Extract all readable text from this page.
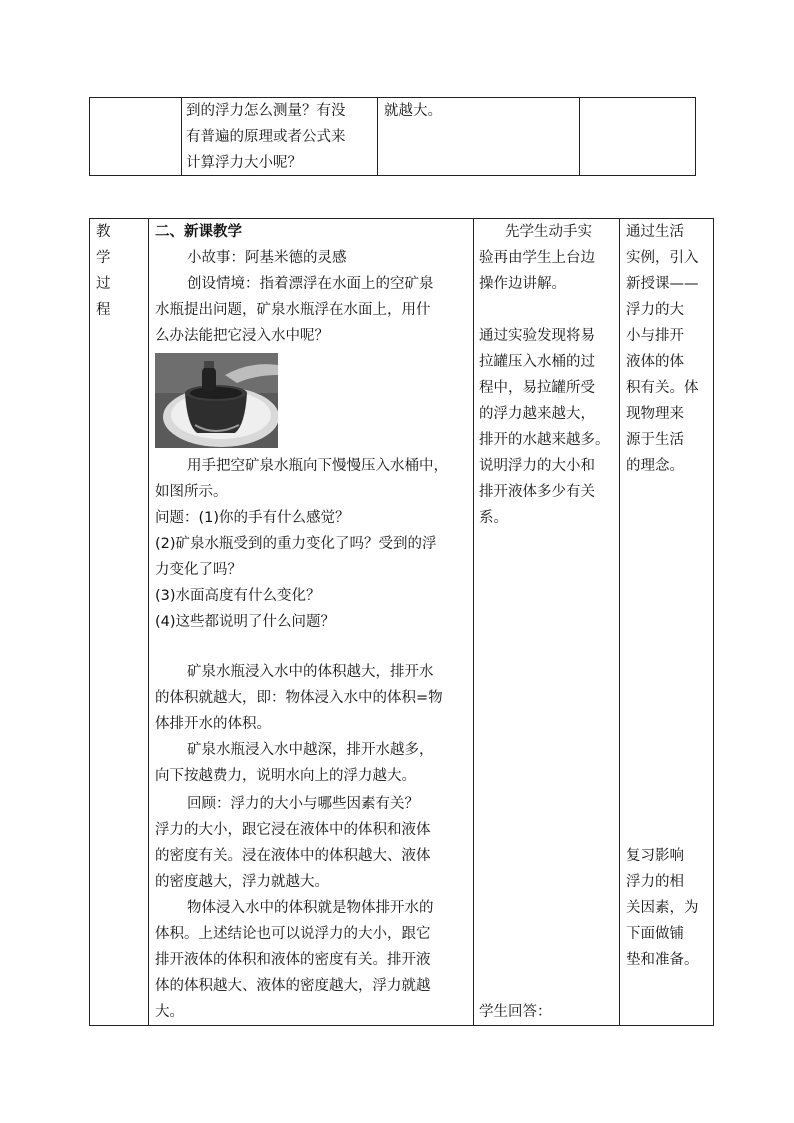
到的浮力怎么测量？有没
有普遍的原理或者公式来
计算浮力大小呢？
就越大。
教
学
过
程
二、新课教学
小故事：阿基米德的灵感
创设情境：指着漂浮在水面上的空矿泉
水瓶提出问题，矿泉水瓶浮在水面上，用什
么办法能把它浸入水中呢？
用手把空矿泉水瓶向下慢慢压入水桶中，
如图所示。
问题：(1)你的手有什么感觉？
(2)矿泉水瓶受到的重力变化了吗？受到的浮
力变化了吗？
(3)水面高度有什么变化？
(4)这些都说明了什么问题？
矿泉水瓶浸入水中的体积越大，排开水
的体积就越大，即：物体浸入水中的体积=物
体排开水的体积。
矿泉水瓶浸入水中越深，排开水越多，
向下按越费力，说明水向上的浮力越大。
回顾：浮力的大小与哪些因素有关？
浮力的大小，跟它浸在液体中的体积和液体
的密度有关。浸在液体中的体积越大、液体
的密度越大，浮力就越大。
物体浸入水中的体积就是物体排开水的
体积。上述结论也可以说浮力的大小，跟它
排开液体的体积和液体的密度有关。排开液
体的体积越大、液体的密度越大，浮力就越
大。
先学生动手实
验再由学生上台边
操作边讲解。
通过实验发现将易
拉罐压入水桶的过
程中，易拉罐所受
的浮力越来越大，
排开的水越来越多。
说明浮力的大小和
排开液体多少有关
系。
学生回答：
通过生活
实例，引入
新授课——
浮力的大
小与排开
液体的体
积有关。体
现物理来
源于生活
的理念。
复习影响
浮力的相
关因素，为
下面做铺
垫和准备。
